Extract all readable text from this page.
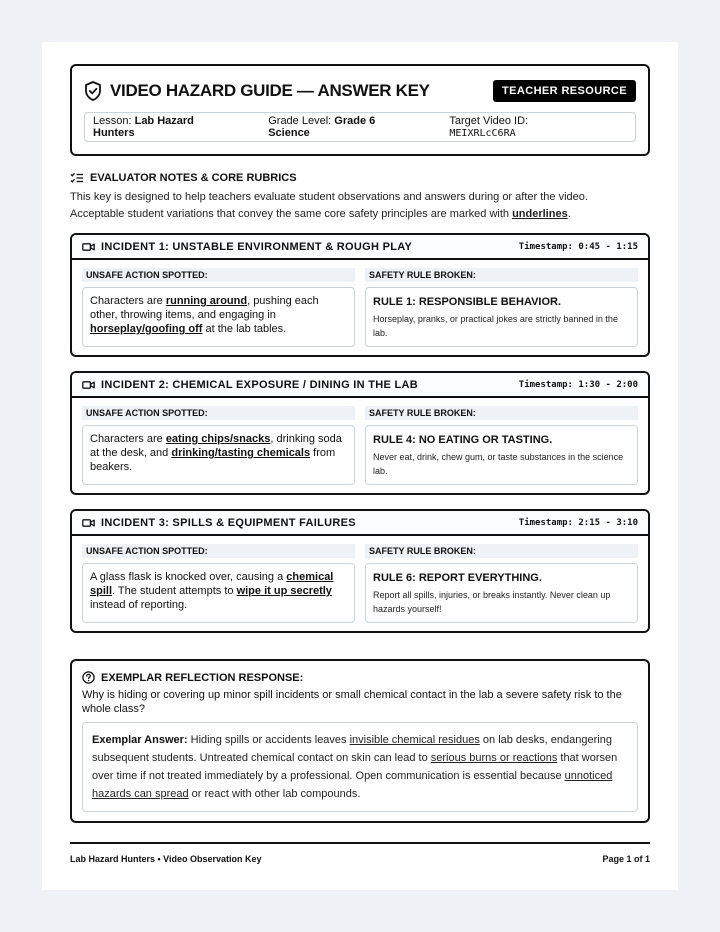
VIDEO HAZARD GUIDE — ANSWER KEY	TEACHER RESOURCE
Lesson: Lab Hazard Hunters
Grade Level: Grade 6 Science
Target Video ID: MEIXRLcC6RA
EVALUATOR NOTES & CORE RUBRICS

This key is designed to help teachers evaluate student observations and answers during or after the video.
Acceptable student variations that convey the same core safety principles are marked with underlines.

INCIDENT 1: UNSTABLE ENVIRONMENT & ROUGH PLAY	Timestamp: 0:45 - 1:15
UNSAFE ACTION SPOTTED:

Characters are running around, pushing each other, throwing items, and engaging in horseplay/goofing off at the lab tables.

SAFETY RULE BROKEN:

RULE 1: RESPONSIBLE BEHAVIOR.

Horseplay, pranks, or practical jokes are strictly banned in the lab.

INCIDENT 2: CHEMICAL EXPOSURE / DINING IN THE LAB	Timestamp: 1:30 - 2:00
UNSAFE ACTION SPOTTED:

Characters are eating chips/snacks, drinking soda at the desk, and drinking/tasting chemicals from beakers.

SAFETY RULE BROKEN:

RULE 4: NO EATING OR TASTING.

Never eat, drink, chew gum, or taste substances in the science lab.

INCIDENT 3: SPILLS & EQUIPMENT FAILURES	Timestamp: 2:15 - 3:10
UNSAFE ACTION SPOTTED:

A glass flask is knocked over, causing a chemical spill. The student attempts to wipe it up secretly instead of reporting.

SAFETY RULE BROKEN:

RULE 6: REPORT EVERYTHING.

Report all spills, injuries, or breaks instantly. Never clean up hazards yourself!

EXEMPLAR REFLECTION RESPONSE:

Why is hiding or covering up minor spill incidents or small chemical contact in the lab a severe safety risk to the whole class?

Exemplar Answer: Hiding spills or accidents leaves invisible chemical residues on lab desks, endangering subsequent students. Untreated chemical contact on skin can lead to serious burns or reactions that worsen over time if not treated immediately by a professional. Open communication is essential because unnoticed hazards can spread or react with other lab compounds.
Lab Hazard Hunters • Video Observation Key	Page 1 of 1
